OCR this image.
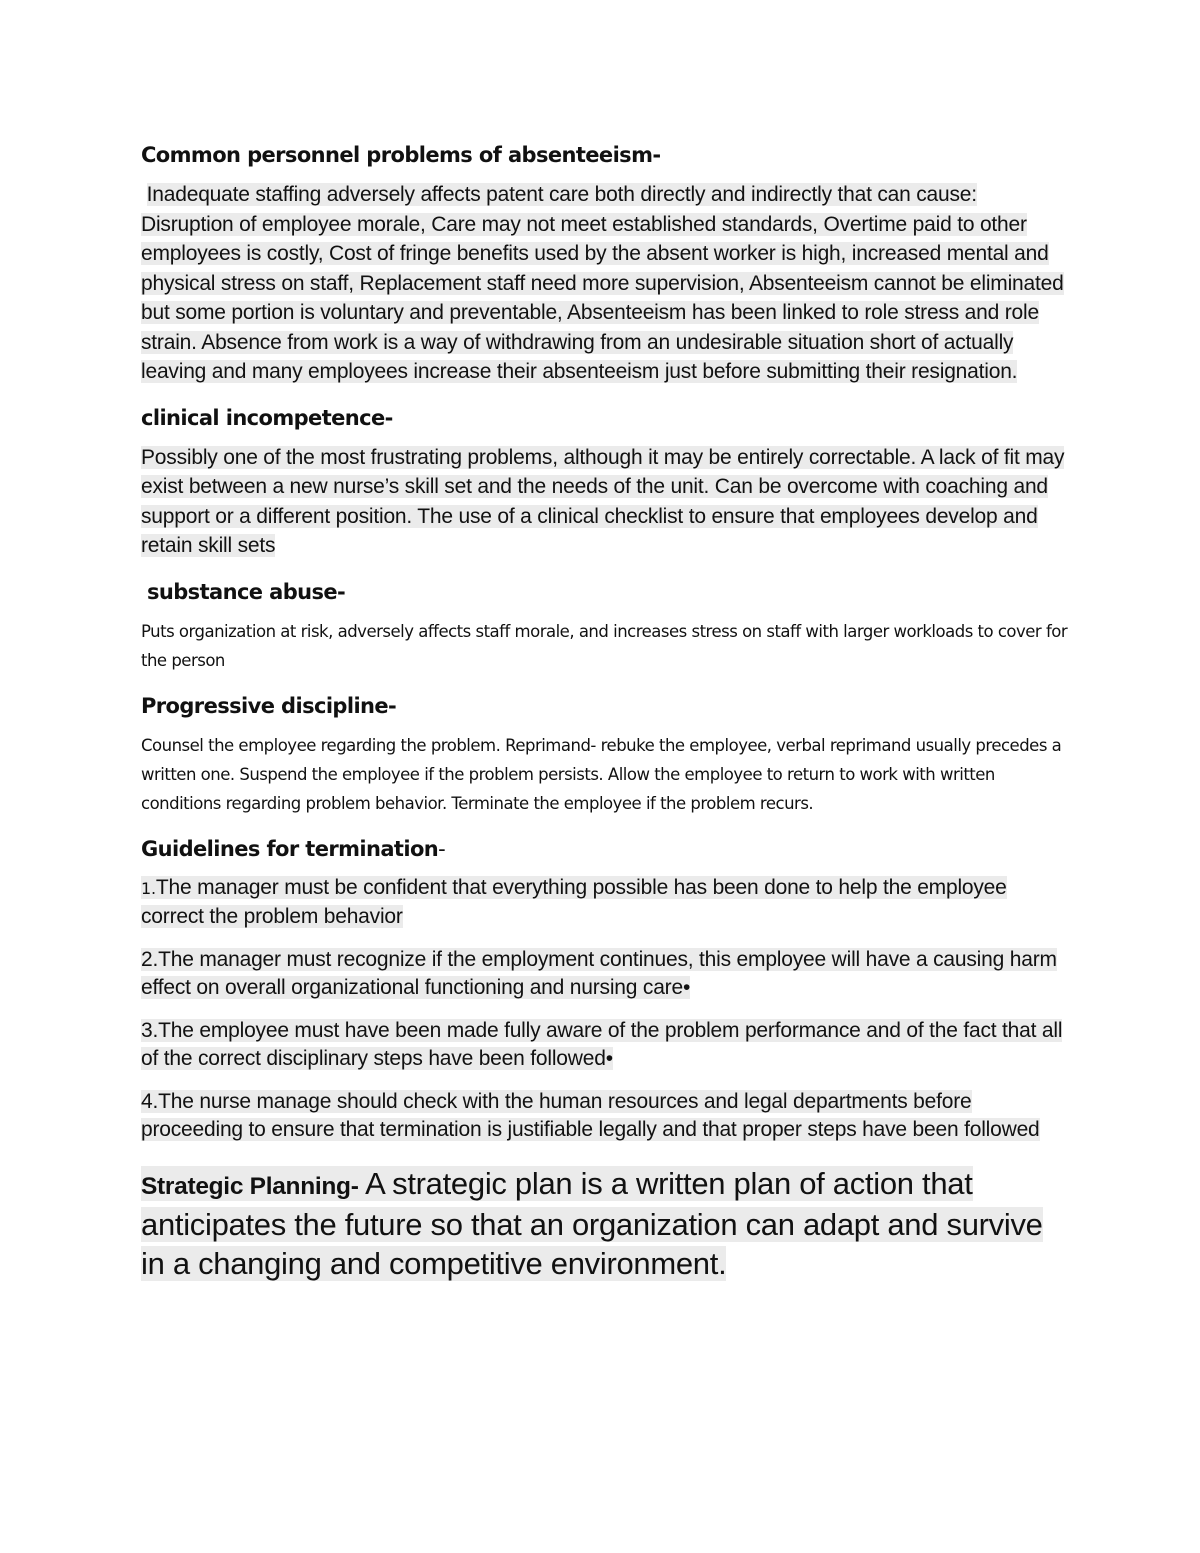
Common personnel problems of absenteeism-

Inadequate staffing adversely affects patent care both directly and indirectly that can cause: Disruption of employee morale, Care may not meet established standards, Overtime paid to other employees is costly, Cost of fringe benefits used by the absent worker is high, increased mental and physical stress on staff, Replacement staff need more supervision, Absenteeism cannot be eliminated but some portion is voluntary and preventable, Absenteeism has been linked to role stress and role strain. Absence from work is a way of withdrawing from an undesirable situation short of actually leaving and many employees increase their absenteeism just before submitting their resignation.

clinical incompetence-

Possibly one of the most frustrating problems, although it may be entirely correctable. A lack of fit may exist between a new nurse’s skill set and the needs of the unit. Can be overcome with coaching and support or a different position. The use of a clinical checklist to ensure that employees develop and retain skill sets

substance abuse-

Puts organization at risk, adversely affects staff morale, and increases stress on staff with larger workloads to cover for the person

Progressive discipline-

Counsel the employee regarding the problem. Reprimand- rebuke the employee, verbal reprimand usually precedes a written one. Suspend the employee if the problem persists. Allow the employee to return to work with written conditions regarding problem behavior. Terminate the employee if the problem recurs.

Guidelines for termination-

1.The manager must be confident that everything possible has been done to help the employee correct the problem behavior

2.The manager must recognize if the employment continues, this employee will have a causing harm effect on overall organizational functioning and nursing care•

3.The employee must have been made fully aware of the problem performance and of the fact that all of the correct disciplinary steps have been followed•

4.The nurse manage should check with the human resources and legal departments before proceeding to ensure that termination is justifiable legally and that proper steps have been followed

Strategic Planning- A strategic plan is a written plan of action that anticipates the future so that an organization can adapt and survive in a changing and competitive environment.
